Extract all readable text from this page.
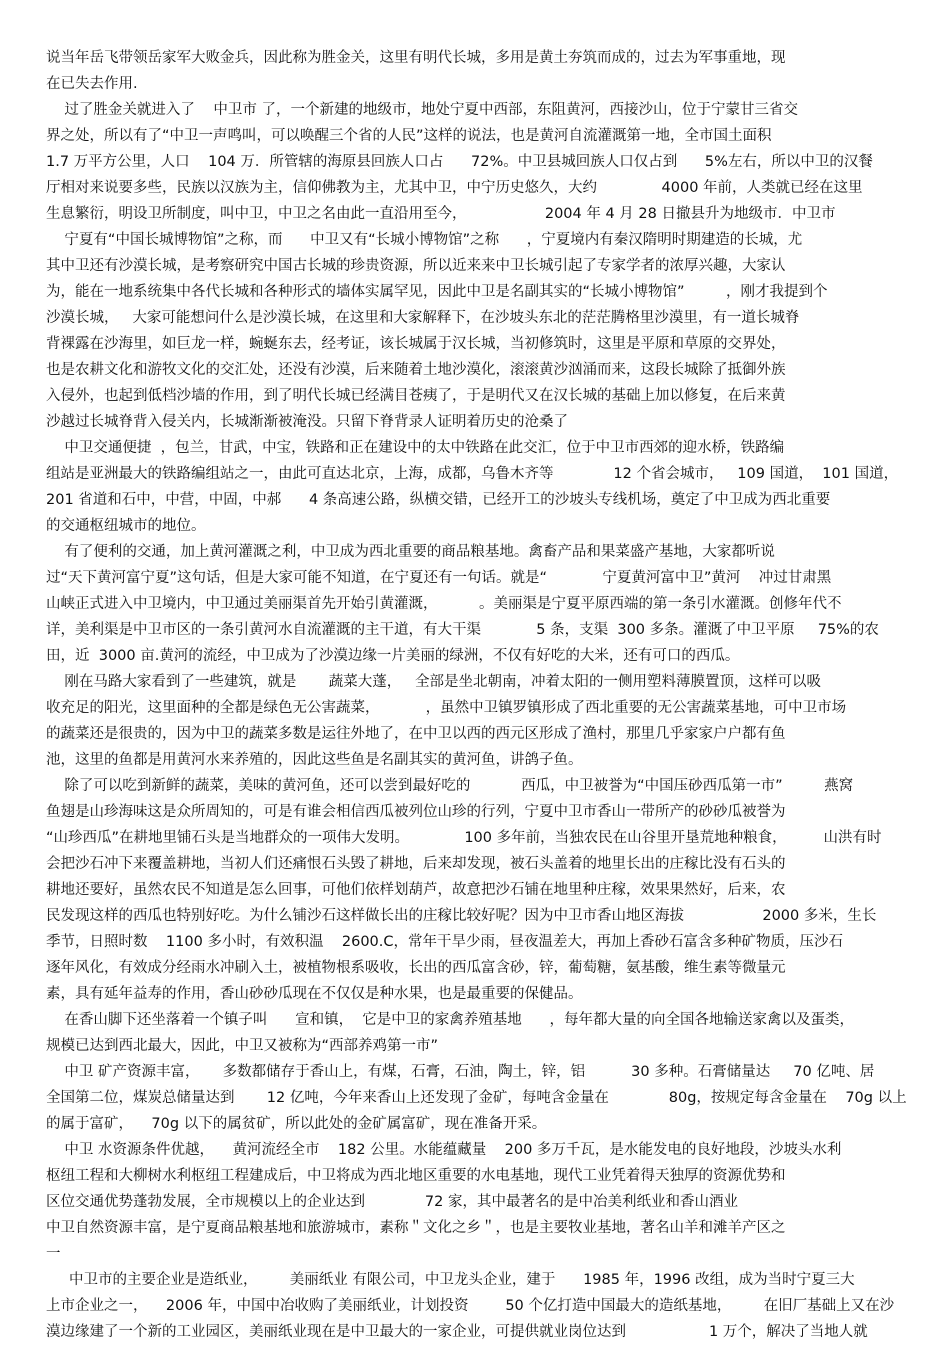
说当年岳飞带领岳家军大败金兵，因此称为胜金关，这里有明代长城，多用是黄土夯筑而成的，过去为军事重地，现
在已失去作用.
过了胜金关就进入了    中卫市 了，一个新建的地级市，地处宁夏中西部，东阻黄河，西接沙山，位于宁蒙甘三省交
界之处，所以有了“中卫一声鸣叫，可以唤醒三个省的人民”这样的说法，也是黄河自流灌溉第一地，全市国土面积
1.7 万平方公里，人口    104 万．所管辖的海原县回族人口占      72%。中卫县城回族人口仅占到      5%左右，所以中卫的汉餐
厅相对来说要多些，民族以汉族为主，信仰佛教为主，尤其中卫，中宁历史悠久，大约              4000 年前，人类就已经在这里
生息繁衍，明设卫所制度，叫中卫，中卫之名由此一直沿用至今，                 2004 年 4 月 28 日撤县升为地级市．中卫市
宁夏有“中国长城博物馆”之称，而      中卫又有“长城小博物馆”之称      ，宁夏境内有秦汉隋明时期建造的长城，尤
其中卫还有沙漠长城，是考察研究中国古长城的珍贵资源，所以近来来中卫长城引起了专家学者的浓厚兴趣，大家认
为，能在一地系统集中各代长城和各种形式的墙体实属罕见，因此中卫是名副其实的“长城小博物馆”         ，刚才我提到个
沙漠长城，   大家可能想问什么是沙漠长城，在这里和大家解释下，在沙坡头东北的茫茫腾格里沙漠里，有一道长城脊
背裸露在沙海里，如巨龙一样，蜿蜒东去，经考证，该长城属于汉长城，当初修筑时，这里是平原和草原的交界处，
也是农耕文化和游牧文化的交汇处，还没有沙漠，后来随着土地沙漠化，滚滚黄沙汹涌而来，这段长城除了抵御外族
入侵外，也起到低档沙墙的作用，到了明代长城已经满目苍痍了，于是明代又在汉长城的基础上加以修复，在后来黄
沙越过长城脊背入侵关内，长城渐渐被淹没。只留下脊背录人证明着历史的沧桑了
中卫交通便捷  ，包兰，甘武，中宝，铁路和正在建设中的太中铁路在此交汇，位于中卫市西郊的迎水桥，铁路编
组站是亚洲最大的铁路编组站之一，由此可直达北京，上海，成都，乌鲁木齐等             12 个省会城市，   109 国道，  101 国道，
201 省道和石中，中营，中固，中郝      4 条高速公路，纵横交错，已经开工的沙坡头专线机场，奠定了中卫成为西北重要
的交通枢纽城市的地位。
有了便利的交通，加上黄河灌溉之利，中卫成为西北重要的商品粮基地。禽畜产品和果菜盛产基地，大家都听说
过“天下黄河富宁夏”这句话，但是大家可能不知道，在宁夏还有一句话。就是“            宁夏黄河富中卫”黄河    冲过甘肃黑
山峡正式进入中卫境内，中卫通过美丽渠首先开始引黄灌溉，         。美丽渠是宁夏平原西端的第一条引水灌溉。创修年代不
详，美利渠是中卫市区的一条引黄河水自流灌溉的主干道，有大干渠            5 条，支渠  300 多条。灌溉了中卫平原     75%的农
田，近  3000 亩.黄河的流经，中卫成为了沙漠边缘一片美丽的绿洲，不仅有好吃的大米，还有可口的西瓜。
刚在马路大家看到了一些建筑，就是       蔬菜大蓬，   全部是坐北朝南，冲着太阳的一侧用塑料薄膜置顶，这样可以吸
收充足的阳光，这里面种的全都是绿色无公害蔬菜，          ，虽然中卫镇罗镇形成了西北重要的无公害蔬菜基地，可中卫市场
的蔬菜还是很贵的，因为中卫的蔬菜多数是运往外地了，在中卫以西的西元区形成了渔村，那里几乎家家户户都有鱼
池，这里的鱼都是用黄河水来养殖的，因此这些鱼是名副其实的黄河鱼，讲鸽子鱼。
除了可以吃到新鲜的蔬菜，美味的黄河鱼，还可以尝到最好吃的           西瓜，中卫被誉为“中国压砂西瓜第一市”         燕窝
鱼翅是山珍海味这是众所周知的，可是有谁会相信西瓜被列位山珍的行列，宁夏中卫市香山一带所产的砂砂瓜被誉为
“山珍西瓜”在耕地里铺石头是当地群众的一项伟大发明。            100 多年前，当独农民在山谷里开垦荒地种粮食，        山洪有时
会把沙石冲下来覆盖耕地，当初人们还痛恨石头毁了耕地，后来却发现，被石头盖着的地里长出的庄稼比没有石头的
耕地还要好，虽然农民不知道是怎么回事，可他们依样划葫芦，故意把沙石铺在地里种庄稼，效果果然好，后来，农
民发现这样的西瓜也特别好吃。为什么铺沙石这样做长出的庄稼比较好呢？因为中卫市香山地区海拔                 2000 多米，生长
季节，日照时数    1100 多小时，有效积温    2600.C，常年干旱少雨，昼夜温差大，再加上香砂石富含多种矿物质，压沙石
逐年风化，有效成分经雨水冲刷入土，被植物根系吸收，长出的西瓜富含砂，锌，葡萄糖，氨基酸，维生素等微量元
素，具有延年益寿的作用，香山砂砂瓜现在不仅仅是种水果，也是最重要的保健品。
在香山脚下还坐落着一个镇子叫      宣和镇，  它是中卫的家禽养殖基地      ，每年都大量的向全国各地输送家禽以及蛋类，
规模已达到西北最大，因此，中卫又被称为“西部养鸡第一市”
中卫 矿产资源丰富，     多数都储存于香山上，有煤，石膏，石油，陶土，锌，铝          30 多种。石膏储量达     70 亿吨、居
全国第二位，煤炭总储量达到       12 亿吨，今年来香山上还发现了金矿，每吨含金量在             80g，按规定每含金量在    70g 以上
的属于富矿，    70g 以下的属贫矿，所以此处的金矿属富矿，现在准备开采。
中卫 水资源条件优越，    黄河流经全市    182 公里。水能蕴藏量    200 多万千瓦，是水能发电的良好地段，沙坡头水利
枢纽工程和大柳树水利枢纽工程建成后，中卫将成为西北地区重要的水电基地，现代工业凭着得天独厚的资源优势和
区位交通优势蓬勃发展，全市规模以上的企业达到             72 家，其中最著名的是中冶美利纸业和香山酒业
中卫自然资源丰富，是宁夏商品粮基地和旅游城市，素称＂文化之乡＂，也是主要牧业基地，著名山羊和滩羊产区之
一
中卫市的主要企业是造纸业，       美丽纸业 有限公司，中卫龙头企业，建于      1985 年，1996 改组，成为当时宁夏三大
上市企业之一，    2006 年，中国中冶收购了美丽纸业，计划投资        50 个亿打造中国最大的造纸基地，       在旧厂基础上又在沙
漠边缘建了一个新的工业园区，美丽纸业现在是中卫最大的一家企业，可提供就业岗位达到                  1 万个，解决了当地人就
